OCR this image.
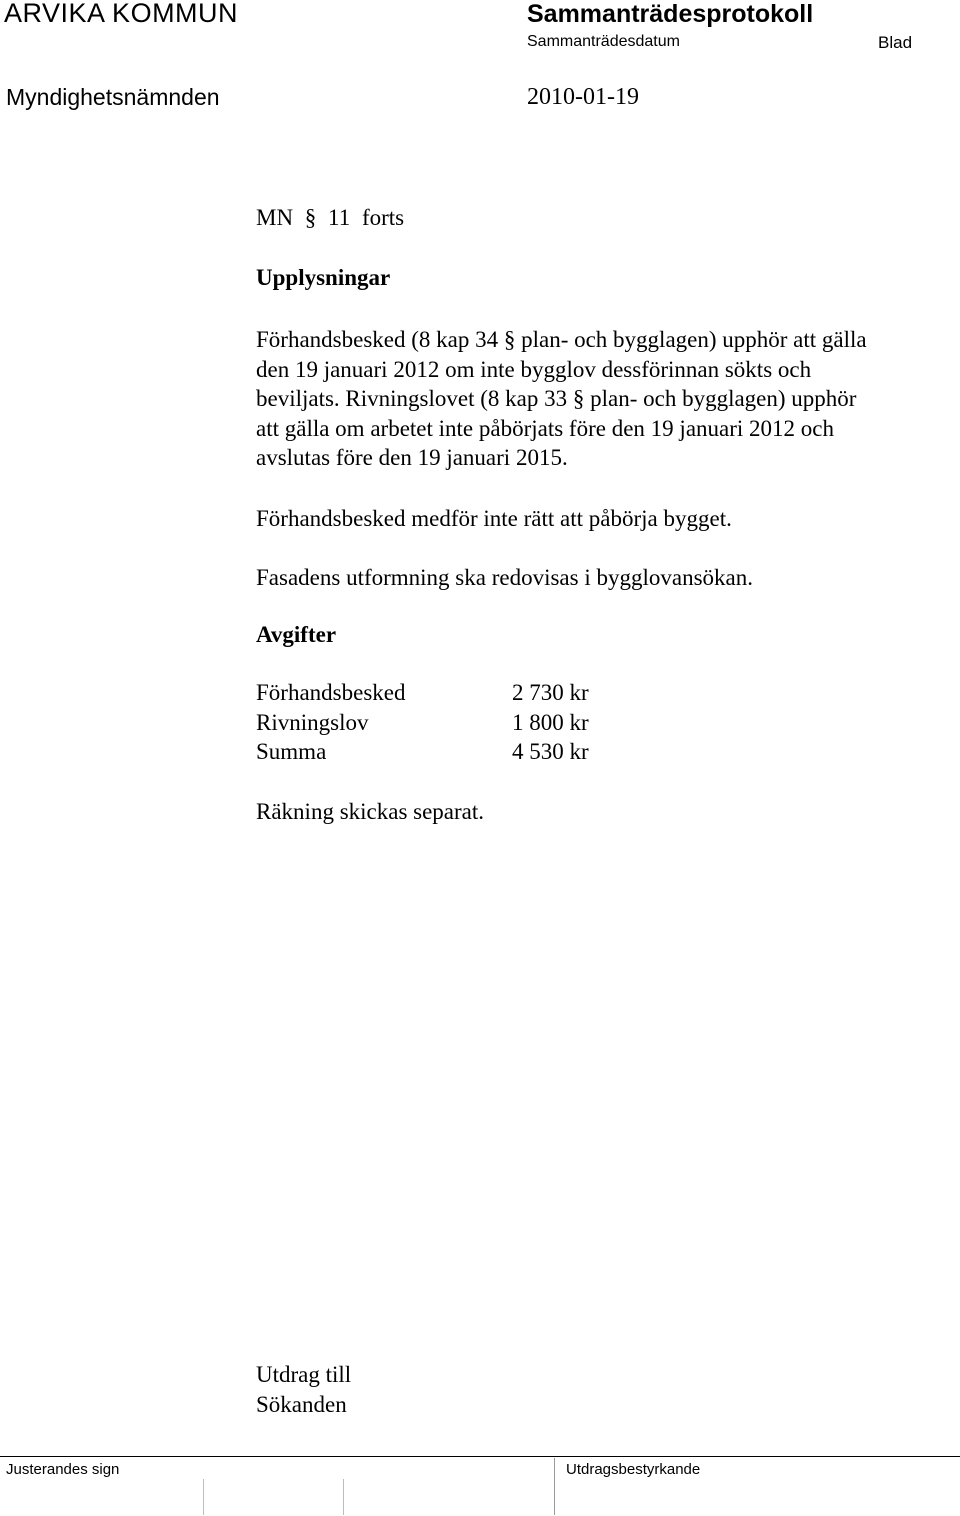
ARVIKA KOMMUN	Sammanträdesprotokoll
Sammanträdesdatum	Blad
Myndighetsnämnden	2010-01-19
MN § 11 forts
Upplysningar
Förhandsbesked (8 kap 34 § plan- och bygglagen) upphör att gälla
den 19 januari 2012 om inte bygglov dessförinnan sökts och
beviljats. Rivningslovet (8 kap 33 § plan- och bygglagen) upphör
att gälla om arbetet inte påbörjats före den 19 januari 2012 och
avslutas före den 19 januari 2015.
Förhandsbesked medför inte rätt att påbörja bygget.
Fasadens utformning ska redovisas i bygglovansökan.
Avgifter
Förhandsbesked	2 730 kr
Rivningslov	1 800 kr
Summa	4 530 kr
Räkning skickas separat.
Utdrag till
Sökanden
Justerandes sign	Utdragsbestyrkande
